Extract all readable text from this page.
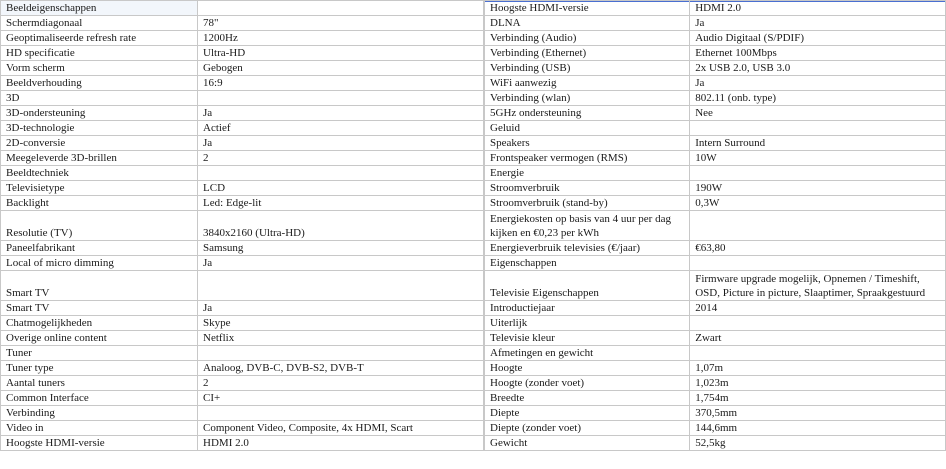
Beeldeigenschappen	
Schermdiagonaal	78"
Geoptimaliseerde refresh rate	1200Hz
HD specificatie	Ultra-HD
Vorm scherm	Gebogen
Beeldverhouding	16:9
3D	
3D-ondersteuning	Ja
3D-technologie	Actief
2D-conversie	Ja
Meegeleverde 3D-brillen	2
Beeldtechniek	
Televisietype	LCD
Backlight	Led: Edge-lit
Resolutie (TV)	3840x2160 (Ultra-HD)
Paneelfabrikant	Samsung
Local of micro dimming	Ja
Smart TV	
Smart TV	Ja
Chatmogelijkheden	Skype
Overige online content	Netflix
Tuner	
Tuner type	Analoog, DVB-C, DVB-S2, DVB-T
Aantal tuners	2
Common Interface	CI+
Verbinding	
Video in	Component Video, Composite, 4x HDMI, Scart
Hoogste HDMI-versie	HDMI 2.0
Hoogste HDMI-versie	HDMI 2.0
DLNA	Ja
Verbinding (Audio)	Audio Digitaal (S/PDIF)
Verbinding (Ethernet)	Ethernet 100Mbps
Verbinding (USB)	2x USB 2.0, USB 3.0
WiFi aanwezig	Ja
Verbinding (wlan)	802.11 (onb. type)
5GHz ondersteuning	Nee
Geluid	
Speakers	Intern Surround
Frontspeaker vermogen (RMS)	10W
Energie	
Stroomverbruik	190W
Stroomverbruik (stand-by)	0,3W
Energiekosten op basis van 4 uur per dag kijken en €0,23 per kWh	
Energieverbruik televisies (€/jaar)	€63,80
Eigenschappen	
Televisie Eigenschappen	Firmware upgrade mogelijk, Opnemen / Timeshift, OSD, Picture in picture, Slaaptimer, Spraakgestuurd
Introductiejaar	2014
Uiterlijk	
Televisie kleur	Zwart
Afmetingen en gewicht	
Hoogte	1,07m
Hoogte (zonder voet)	1,023m
Breedte	1,754m
Diepte	370,5mm
Diepte (zonder voet)	144,6mm
Gewicht	52,5kg
